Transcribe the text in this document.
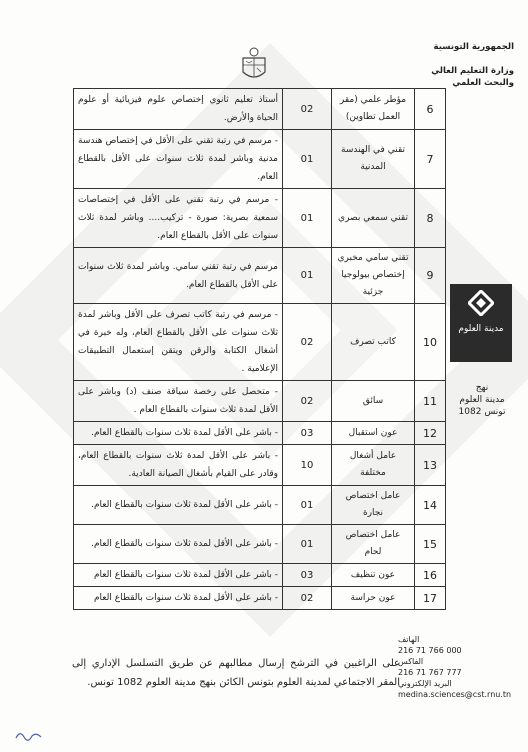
الجمهورية التونسية
وزارة التعليم العالي
والبحث العلمي
6	مؤطر علمي (مقر العمل تطاوين)	02	أستاذ تعليم ثانوي إختصاص علوم فيزيائية أو علوم الحياة والأرض.
7	تقني في الهندسة المدنية	01	- مرسم في رتبة تقني على الأقل في إختصاص هندسة مدنية وباشر لمدة ثلاث سنوات على الأقل بالقطاع العام.
8	تقني سمعي بصري	01	- مرسم في رتبة تقني على الأقل في إختصاصات سمعية بصرية: صورة - تركيب.... وباشر لمدة ثلاث سنوات على الأقل بالقطاع العام.
9	تقني سامي مخبري إختصاص بيولوجيا جزئية	01	مرسم في رتبة تقني سامي. وباشر لمدة ثلاث سنوات على الأقل بالقطاع العام.
10	كاتب تصرف	02	- مرسم في رتبة كاتب تصرف على الأقل وباشر لمدة ثلاث سنوات على الأقل بالقطاع العام، وله خبرة في أشغال الكتابة والرقن ويتقن إستعمال التطبيقات الإعلامية .
11	سائق	02	- متحصل على رخصة سياقة صنف (د) وباشر على الأقل لمدة ثلاث سنوات بالقطاع العام .
12	عون استقبال	03	- باشر على الأقل لمدة ثلاث سنوات بالقطاع العام.
13	عامل أشغال مختلفة	10	- باشر على الأقل لمدة ثلاث سنوات بالقطاع العام، وقادر على القيام بأشغال الصيانة العادية.
14	عامل اختصاص نجارة	01	- باشر على الأقل لمدة ثلاث سنوات بالقطاع العام.
15	عامل اختصاص لحام	01	- باشر على الأقل لمدة ثلاث سنوات بالقطاع العام.
16	عون تنظيف	03	- باشر على الأقل لمدة ثلاث سنوات بالقطاع العام
17	عون حراسة	02	- باشر على الأقل لمدة ثلاث سنوات بالقطاع العام
مدينة العلوم
نهج
مدينة العلوم
تونس 1082
على الراغبين في الترشح إرسال مطالبهم عن طريق التسلسل الإداري إلى المقر الاجتماعي لمدينة العلوم بتونس الكائن بنهج مدينة العلوم 1082 تونس.
الهاتف
216 71 766 000
الفاكس
216 71 767 777
البريد الإلكتروني
medina.sciences@cst.rnu.tn
